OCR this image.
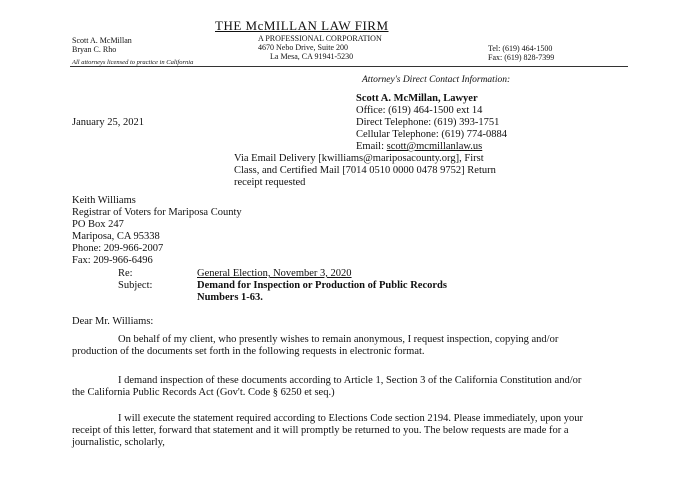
THE McMILLAN LAW FIRM
A PROFESSIONAL CORPORATION
4670 Nebo Drive, Suite 200
La Mesa, CA 91941-5230
Scott A. McMillan
Bryan C. Rho
All attorneys licensed to practice in California
Tel: (619) 464-1500
Fax: (619) 828-7399
Attorney's Direct Contact Information:
Scott A. McMillan, Lawyer
Office: (619) 464-1500 ext 14
Direct Telephone: (619) 393-1751
Cellular Telephone: (619) 774-0884
Email: scott@mcmillanlaw.us
January 25, 2021
Via Email Delivery [kwilliams@mariposacounty.org], First
Class, and Certified Mail [7014 0510 0000 0478 9752] Return
receipt requested
Keith Williams
Registrar of Voters for Mariposa County
PO Box 247
Mariposa, CA 95338
Phone: 209-966-2007
Fax: 209-966-6496
Re:	General Election, November 3, 2020
Subject:	Demand for Inspection or Production of Public Records
Numbers 1-63.
Dear Mr. Williams:
On behalf of my client, who presently wishes to remain anonymous, I request inspection, copying and/or production of the documents set forth in the following requests in electronic format.
I demand inspection of these documents according to Article 1, Section 3 of the California Constitution and/or the California Public Records Act (Gov't. Code § 6250 et seq.)
I will execute the statement required according to Elections Code section 2194. Please immediately, upon your receipt of this letter, forward that statement and it will promptly be returned to you. The below requests are made for a journalistic, scholarly,
